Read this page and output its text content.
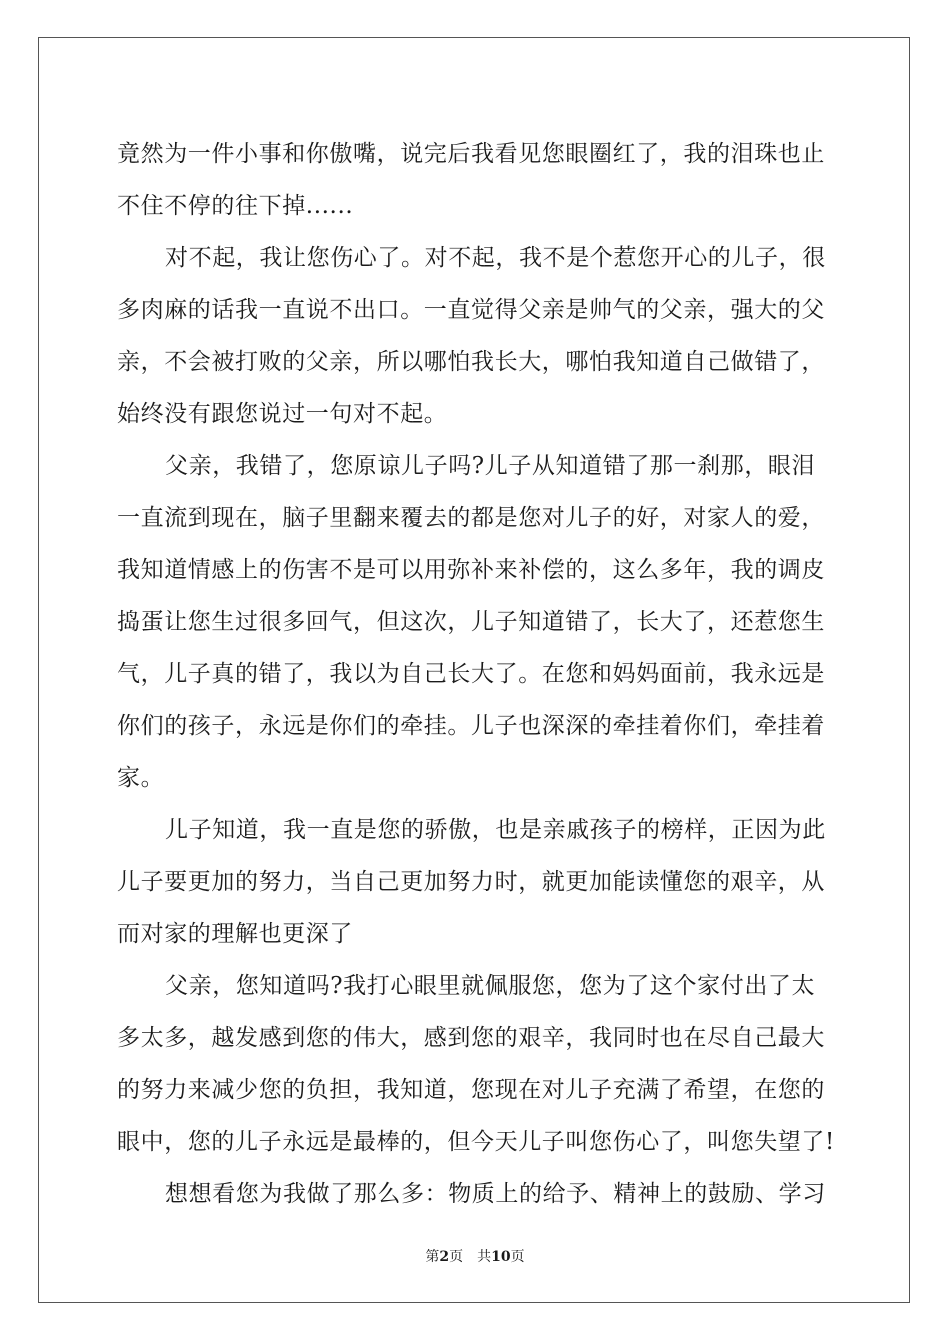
竟然为一件小事和你傲嘴，说完后我看见您眼圈红了，我的泪珠也止
不住不停的往下掉......
对不起，我让您伤心了。对不起，我不是个惹您开心的儿子，很
多肉麻的话我一直说不出口。一直觉得父亲是帅气的父亲，强大的父
亲，不会被打败的父亲，所以哪怕我长大，哪怕我知道自己做错了，
始终没有跟您说过一句对不起。
父亲，我错了，您原谅儿子吗?儿子从知道错了那一刹那，眼泪
一直流到现在，脑子里翻来覆去的都是您对儿子的好，对家人的爱，
我知道情感上的伤害不是可以用弥补来补偿的，这么多年，我的调皮
捣蛋让您生过很多回气，但这次，儿子知道错了，长大了，还惹您生
气，儿子真的错了，我以为自己长大了。在您和妈妈面前，我永远是
你们的孩子，永远是你们的牵挂。儿子也深深的牵挂着你们，牵挂着
家。
儿子知道，我一直是您的骄傲，也是亲戚孩子的榜样，正因为此
儿子要更加的努力，当自己更加努力时，就更加能读懂您的艰辛，从
而对家的理解也更深了
父亲，您知道吗?我打心眼里就佩服您，您为了这个家付出了太
多太多，越发感到您的伟大，感到您的艰辛，我同时也在尽自己最大
的努力来减少您的负担，我知道，您现在对儿子充满了希望，在您的
眼中，您的儿子永远是最棒的，但今天儿子叫您伤心了，叫您失望了!
想想看您为我做了那么多：物质上的给予、精神上的鼓励、学习
第2页 共10页
